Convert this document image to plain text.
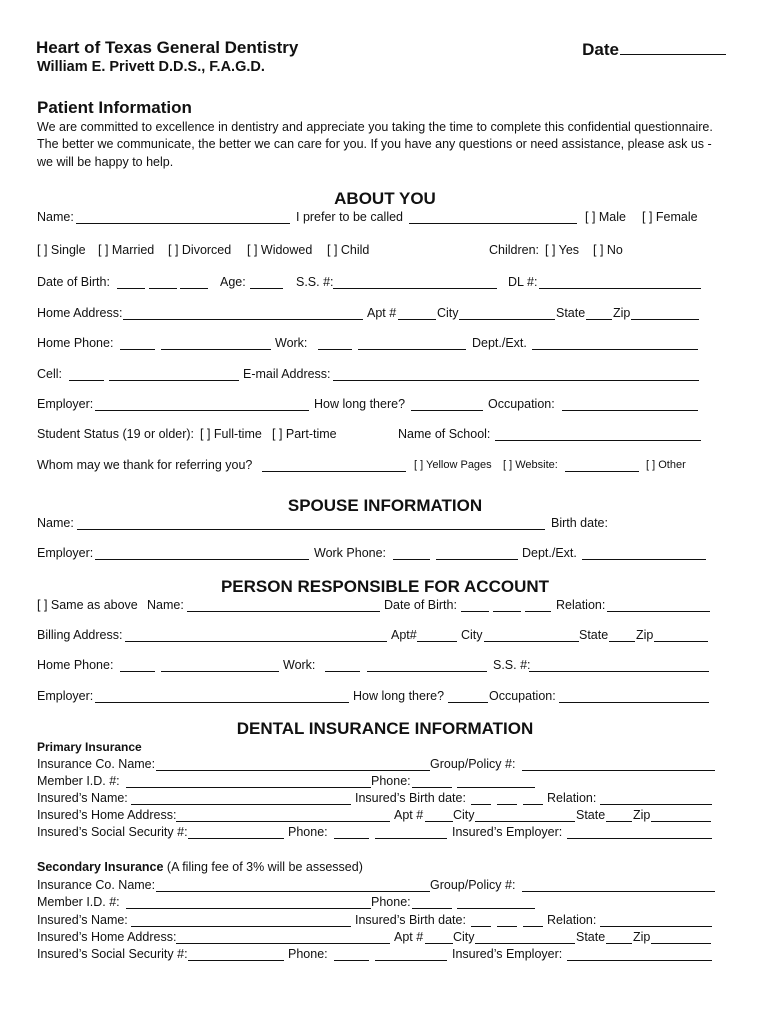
Heart of Texas General Dentistry
William E. Privett D.D.S., F.A.G.D.
Date
Patient Information
We are committed to excellence in dentistry and appreciate you taking the time to complete this confidential questionnaire. The better we communicate, the better we can care for you. If you have any questions or need assistance, please ask us - we will be happy to help.
ABOUT YOU
Name:	I prefer to be called	[ ] Male [ ] Female
[ ] Single [ ] Married [ ] Divorced [ ] Widowed [ ] Child	Children: [ ] Yes [ ] No
Date of Birth:	Age:	S.S. #:	DL #:
Home Address:	Apt #	City	State Zip
Home Phone:	Work:	Dept./Ext.
Cell:	E-mail Address:
Employer:	How long there?	Occupation:
Student Status (19 or older): [ ] Full-time [ ] Part-time	Name of School:
Whom may we thank for referring you?	[ ] Yellow Pages [ ] Website:	[ ] Other
SPOUSE INFORMATION
Name:	Birth date:
Employer:	Work Phone:	Dept./Ext.
PERSON RESPONSIBLE FOR ACCOUNT
[ ] Same as above Name:	Date of Birth:	Relation:
Billing Address:	Apt#	City	State Zip
Home Phone:	Work:	S.S. #:
Employer:	How long there?	Occupation:
DENTAL INSURANCE INFORMATION
Primary Insurance
Insurance Co. Name:	Group/Policy #:
Member I.D. #:	Phone:
Insured’s Name:	Insured’s Birth date:	Relation:
Insured’s Home Address:	Apt # City	State Zip
Insured’s Social Security #:	Phone:	Insured’s Employer:
Secondary Insurance (A filing fee of 3% will be assessed)
Insurance Co. Name:	Group/Policy #:
Member I.D. #:	Phone:
Insured’s Name:	Insured’s Birth date:	Relation:
Insured’s Home Address:	Apt # City	State Zip
Insured’s Social Security #:	Phone:	Insured’s Employer:
